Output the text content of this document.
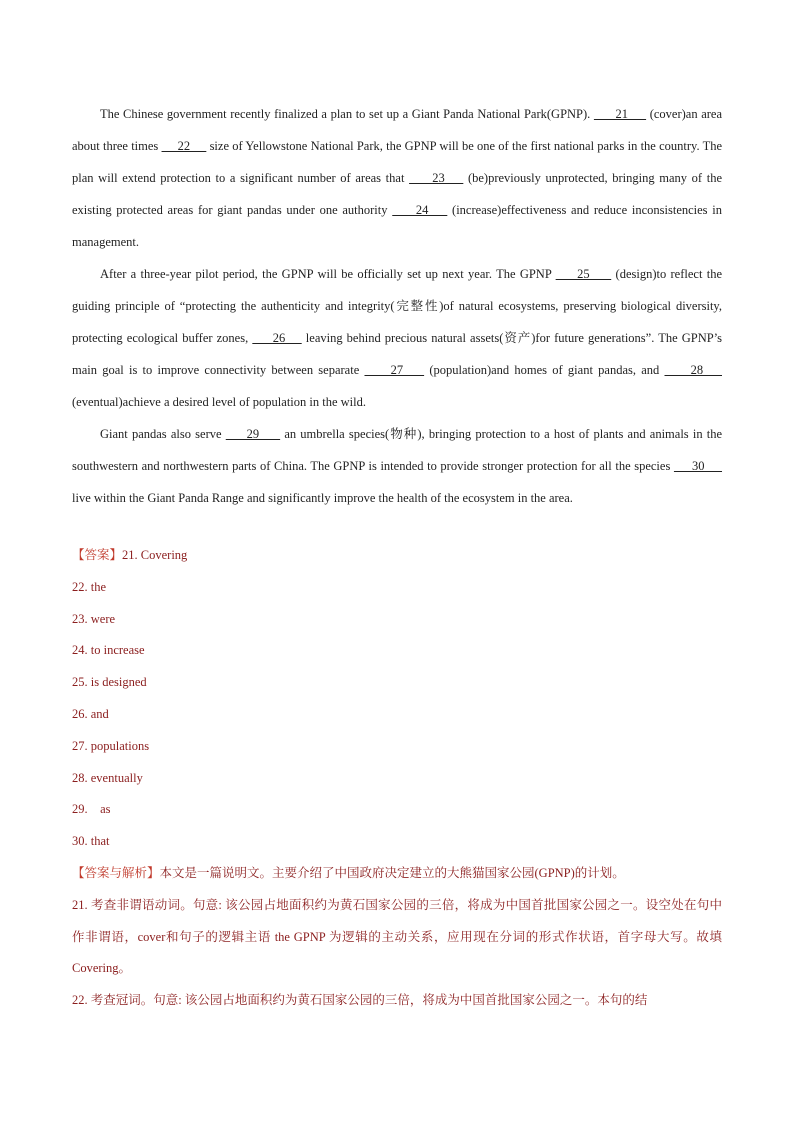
The Chinese government recently finalized a plan to set up a Giant Panda National Park(GPNP).       21      (cover)an area about three times      22      size of Yellowstone National Park, the GPNP will be one of the first national parks in the country. The plan will extend protection to a significant number of areas that      23     (be)previously unprotected, bringing many of the existing protected areas for giant pandas under one authority      24     (increase)effectiveness and reduce inconsistencies in management.

After a three-year pilot period, the GPNP will be officially set up next year. The GPNP      25      (design)to reflect the guiding principle of “protecting the authenticity and integrity(完整性)of natural ecosystems, preserving biological diversity, protecting ecological buffer zones,      26     leaving behind precious natural assets(资产)for future generations”. The GPNP’s main goal is to improve connectivity between separate      27     (population)and homes of giant pandas, and      28     (eventual)achieve a desired level of population in the wild.

Giant pandas also serve      29      an umbrella species(物种), bringing protection to a host of plants and animals in the southwestern and northwestern parts of China. The GPNP is intended to provide stronger protection for all the species      30      live within the Giant Panda Range and significantly improve the health of the ecosystem in the area.

【答案】21. Covering
22. the
23. were
24. to increase
25. is designed
26. and
27. populations
28. eventually
29.    as
30. that

【答案与解析】本文是一篇说明文。主要介绍了中国政府决定建立的大熊猫国家公园(GPNP)的计划。

21. 考查非谓语动词。句意: 该公园占地面积约为黄石国家公园的三倍，将成为中国首批国家公园之一。设空处在句中作非谓语，cover和句子的逻辑主语 the GPNP 为逻辑的主动关系，应用现在分词的形式作状语，首字母大写。故填 Covering。

22. 考查冠词。句意: 该公园占地面积约为黄石国家公园的三倍，将成为中国首批国家公园之一。本句的结
